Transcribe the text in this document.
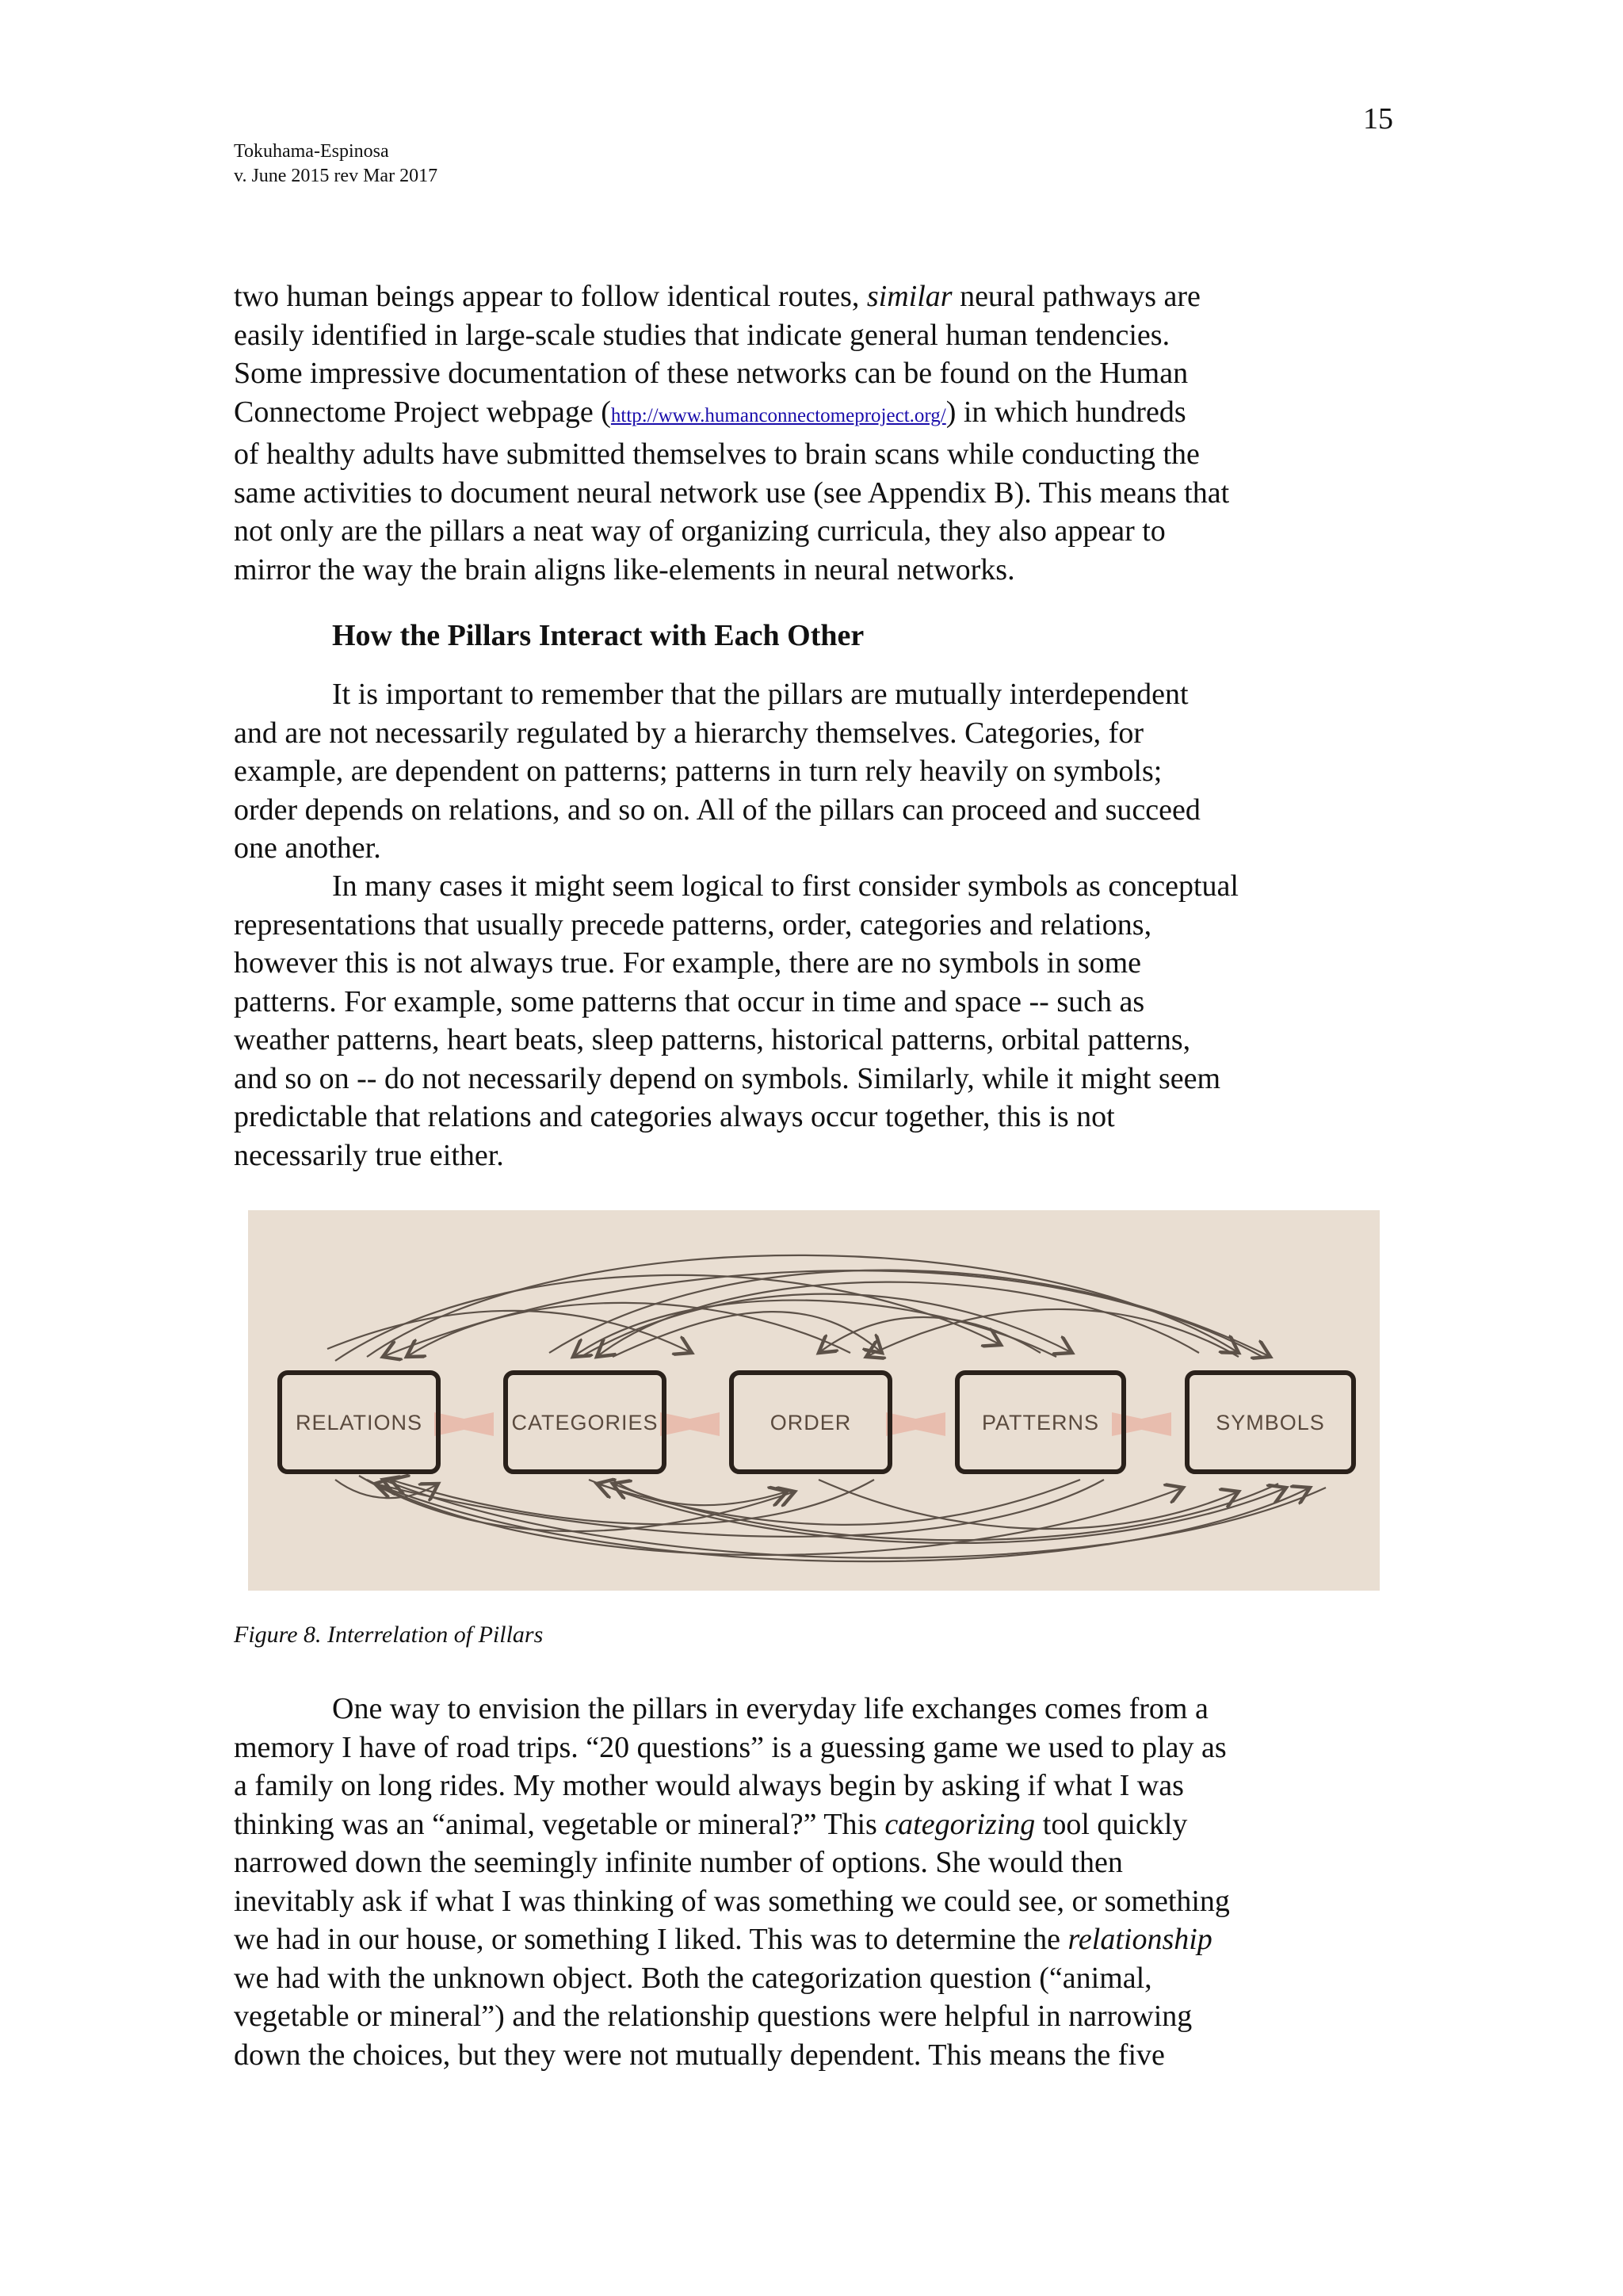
15
Tokuhama-Espinosa
v. June 2015 rev Mar 2017
two human beings appear to follow identical routes, similar neural pathways are
easily identified in large-scale studies that indicate general human tendencies.
Some impressive documentation of these networks can be found on the Human
Connectome Project webpage (http://www.humanconnectomeproject.org/) in which hundreds
of healthy adults have submitted themselves to brain scans while conducting the
same activities to document neural network use (see Appendix B). This means that
not only are the pillars a neat way of organizing curricula, they also appear to
mirror the way the brain aligns like-elements in neural networks.
How the Pillars Interact with Each Other
It is important to remember that the pillars are mutually interdependent
and are not necessarily regulated by a hierarchy themselves. Categories, for
example, are dependent on patterns; patterns in turn rely heavily on symbols;
order depends on relations, and so on. All of the pillars can proceed and succeed
one another.
In many cases it might seem logical to first consider symbols as conceptual
representations that usually precede patterns, order, categories and relations,
however this is not always true. For example, there are no symbols in some
patterns. For example, some patterns that occur in time and space -- such as
weather patterns, heart beats, sleep patterns, historical patterns, orbital patterns,
and so on -- do not necessarily depend on symbols. Similarly, while it might seem
predictable that relations and categories always occur together, this is not
necessarily true either.
RELATIONS	CATEGORIES	ORDER	PATTERNS	SYMBOLS
Figure 8. Interrelation of Pillars
One way to envision the pillars in everyday life exchanges comes from a
memory I have of road trips. “20 questions” is a guessing game we used to play as
a family on long rides. My mother would always begin by asking if what I was
thinking was an “animal, vegetable or mineral?” This categorizing tool quickly
narrowed down the seemingly infinite number of options. She would then
inevitably ask if what I was thinking of was something we could see, or something
we had in our house, or something I liked. This was to determine the relationship
we had with the unknown object. Both the categorization question (“animal,
vegetable or mineral”) and the relationship questions were helpful in narrowing
down the choices, but they were not mutually dependent. This means the five
